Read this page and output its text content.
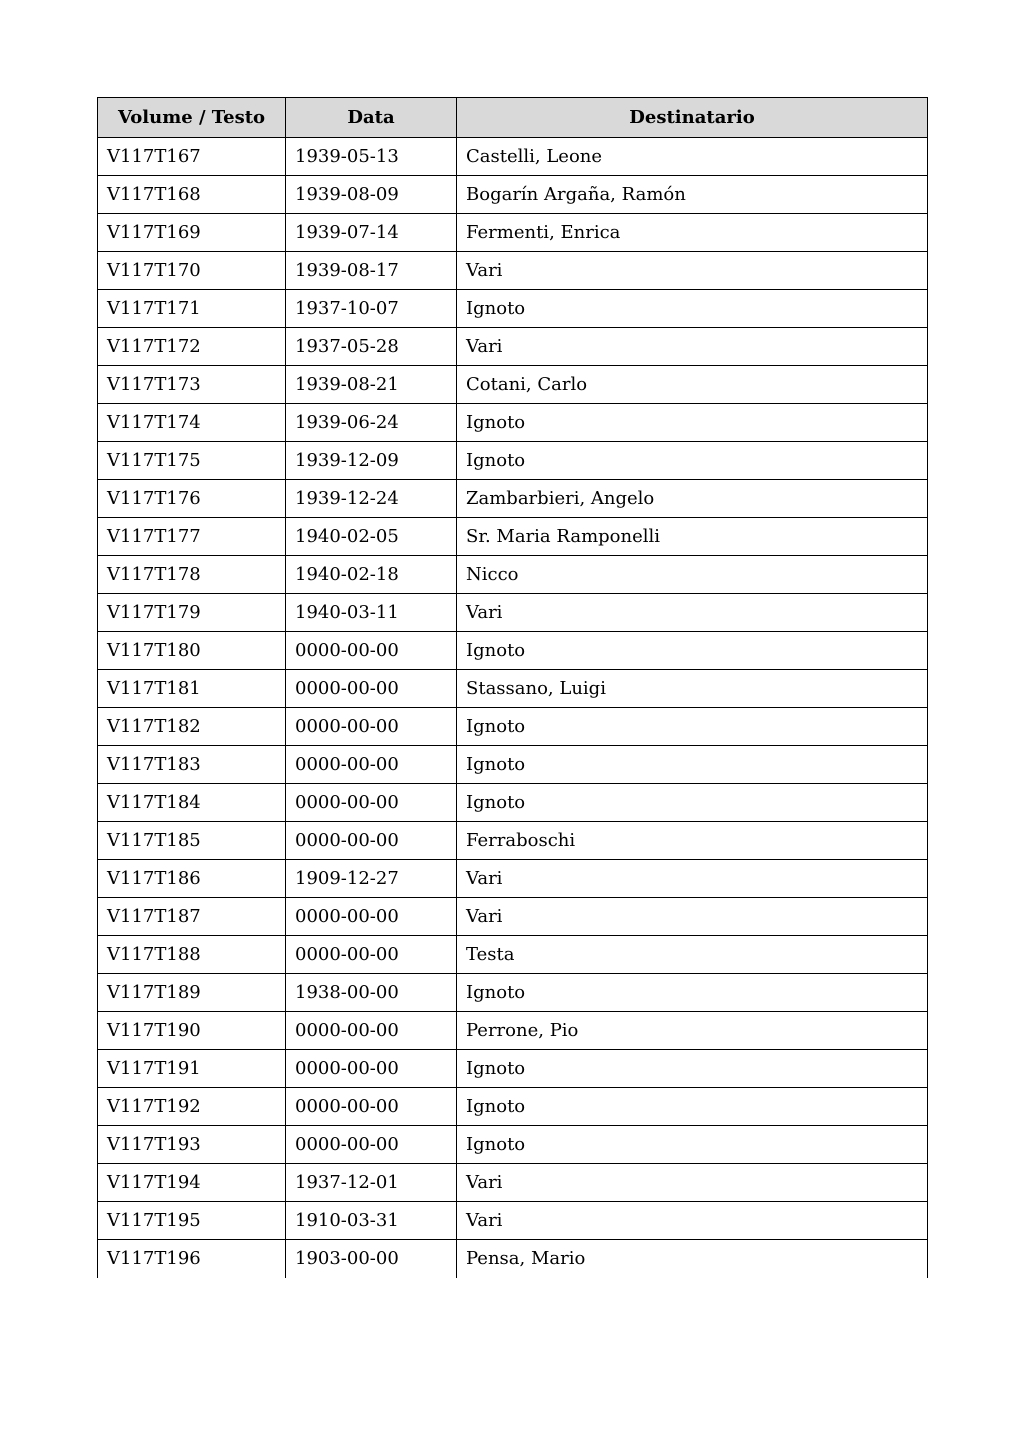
Volume / Testo	Data	Destinatario
V117T167	1939-05-13	Castelli, Leone
V117T168	1939-08-09	Bogarín Argaña, Ramón
V117T169	1939-07-14	Fermenti, Enrica
V117T170	1939-08-17	Vari
V117T171	1937-10-07	Ignoto
V117T172	1937-05-28	Vari
V117T173	1939-08-21	Cotani, Carlo
V117T174	1939-06-24	Ignoto
V117T175	1939-12-09	Ignoto
V117T176	1939-12-24	Zambarbieri, Angelo
V117T177	1940-02-05	Sr. Maria Ramponelli
V117T178	1940-02-18	Nicco
V117T179	1940-03-11	Vari
V117T180	0000-00-00	Ignoto
V117T181	0000-00-00	Stassano, Luigi
V117T182	0000-00-00	Ignoto
V117T183	0000-00-00	Ignoto
V117T184	0000-00-00	Ignoto
V117T185	0000-00-00	Ferraboschi
V117T186	1909-12-27	Vari
V117T187	0000-00-00	Vari
V117T188	0000-00-00	Testa
V117T189	1938-00-00	Ignoto
V117T190	0000-00-00	Perrone, Pio
V117T191	0000-00-00	Ignoto
V117T192	0000-00-00	Ignoto
V117T193	0000-00-00	Ignoto
V117T194	1937-12-01	Vari
V117T195	1910-03-31	Vari
V117T196	1903-00-00	Pensa, Mario
